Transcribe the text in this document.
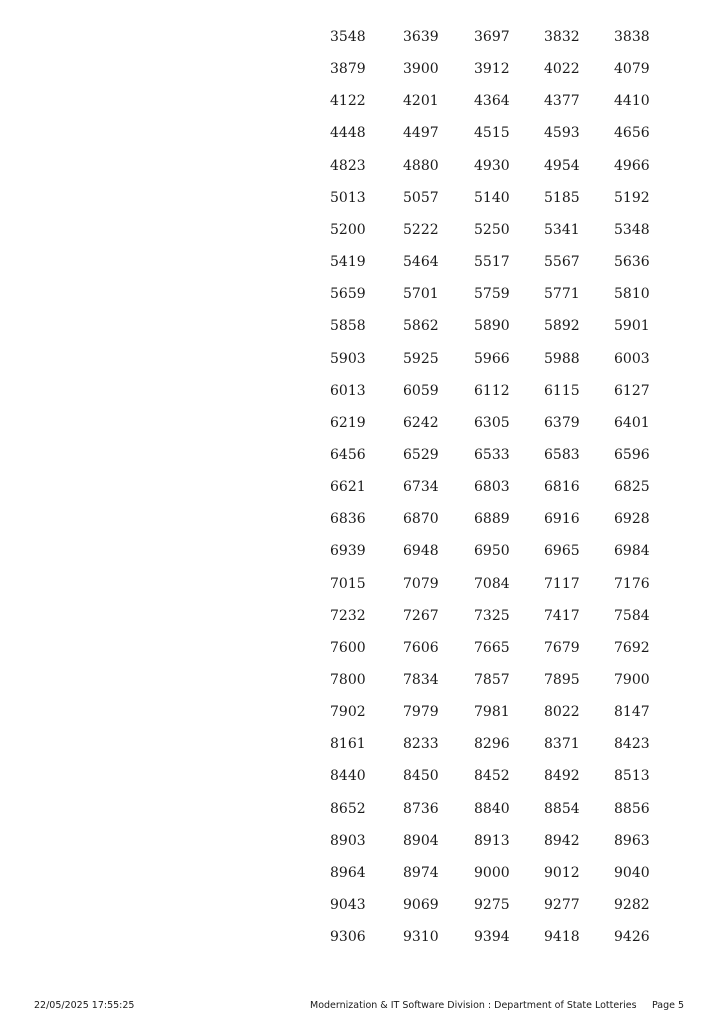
3548	3639	3697 3832 3838
3879	3900	3912 4022 4079
4122	4201	4364 4377 4410
4448	4497	4515 4593 4656
4823	4880	4930 4954 4966
5013	5057	5140 5185 5192
5200	5222	5250 5341 5348
5419	5464	5517 5567 5636
5659	5701	5759 5771 5810
5858	5862	5890 5892 5901
5903	5925	5966 5988 6003
6013	6059	6112 6115 6127
6219	6242	6305 6379 6401
6456	6529	6533 6583 6596
6621	6734	6803 6816 6825
6836	6870	6889 6916 6928
6939	6948	6950 6965 6984
7015	7079	7084 7117 7176
7232	7267	7325 7417 7584
7600	7606	7665 7679 7692
7800	7834	7857 7895 7900
7902	7979	7981 8022 8147
8161	8233	8296 8371 8423
8440	8450	8452 8492 8513
8652	8736	8840 8854 8856
8903	8904	8913 8942 8963
8964	8974	9000 9012 9040
9043	9069	9275 9277 9282
9306	9310	9394 9418 9426
22/05/2025 17:55:25	Modernization & IT Software Division : Department of State Lotteries Page 5
